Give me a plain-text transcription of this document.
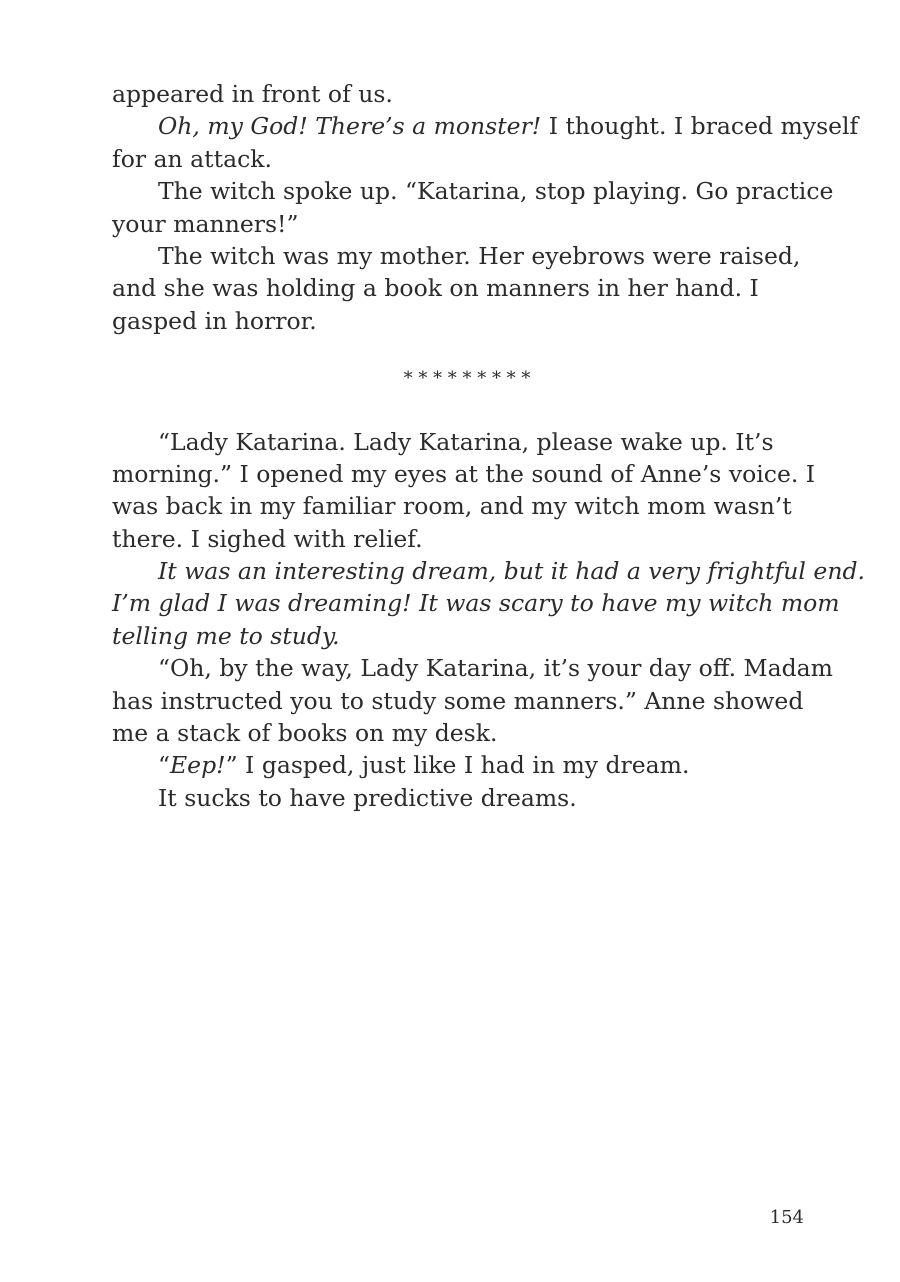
appeared in front of us.
Oh, my God! There’s a monster! I thought. I braced myself
for an attack.
The witch spoke up. “Katarina, stop playing. Go practice
your manners!”
The witch was my mother. Her eyebrows were raised,
and she was holding a book on manners in her hand. I
gasped in horror.
* * * * * * * * *
“Lady Katarina. Lady Katarina, please wake up. It’s
morning.” I opened my eyes at the sound of Anne’s voice. I
was back in my familiar room, and my witch mom wasn’t
there. I sighed with relief.
It was an interesting dream, but it had a very frightful end.
I’m glad I was dreaming! It was scary to have my witch mom
telling me to study.
“Oh, by the way, Lady Katarina, it’s your day off. Madam
has instructed you to study some manners.” Anne showed
me a stack of books on my desk.
“Eep!” I gasped, just like I had in my dream.
It sucks to have predictive dreams.
154
